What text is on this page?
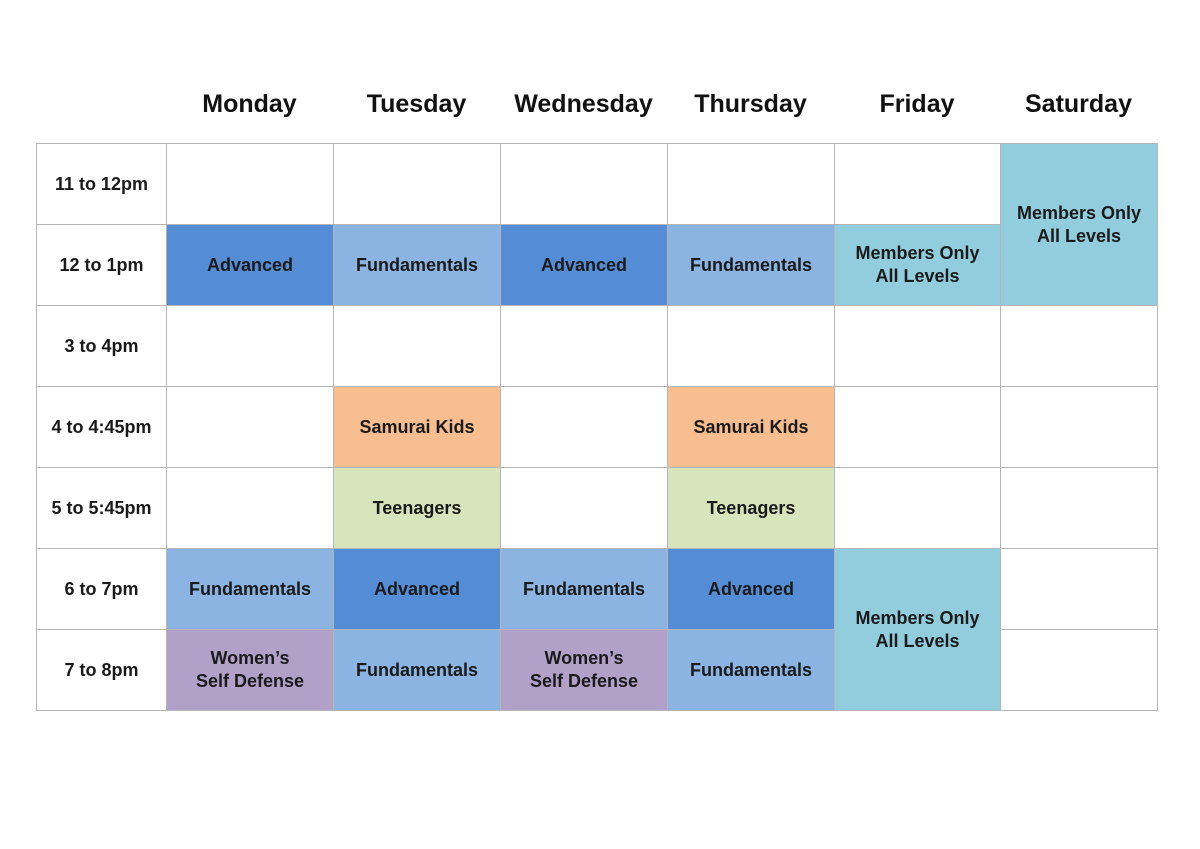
Monday	Tuesday	Wednesday	Thursday	Friday	Saturday
11 to 12pm						Members Only
All Levels

12 to 1pm	Advanced	Fundamentals	Advanced	Fundamentals	Members Only
All Levels	

3 to 4pm						
4 to 4:45pm		Samurai Kids		Samurai Kids		

5 to 5:45pm		Teenagers		Teenagers		

6 to 7pm	Fundamentals	Advanced	Fundamentals	Advanced	Members Only
All Levels	

7 to 8pm	Women’s
Self Defense	Fundamentals	Women’s
Self Defense	Fundamentals		
